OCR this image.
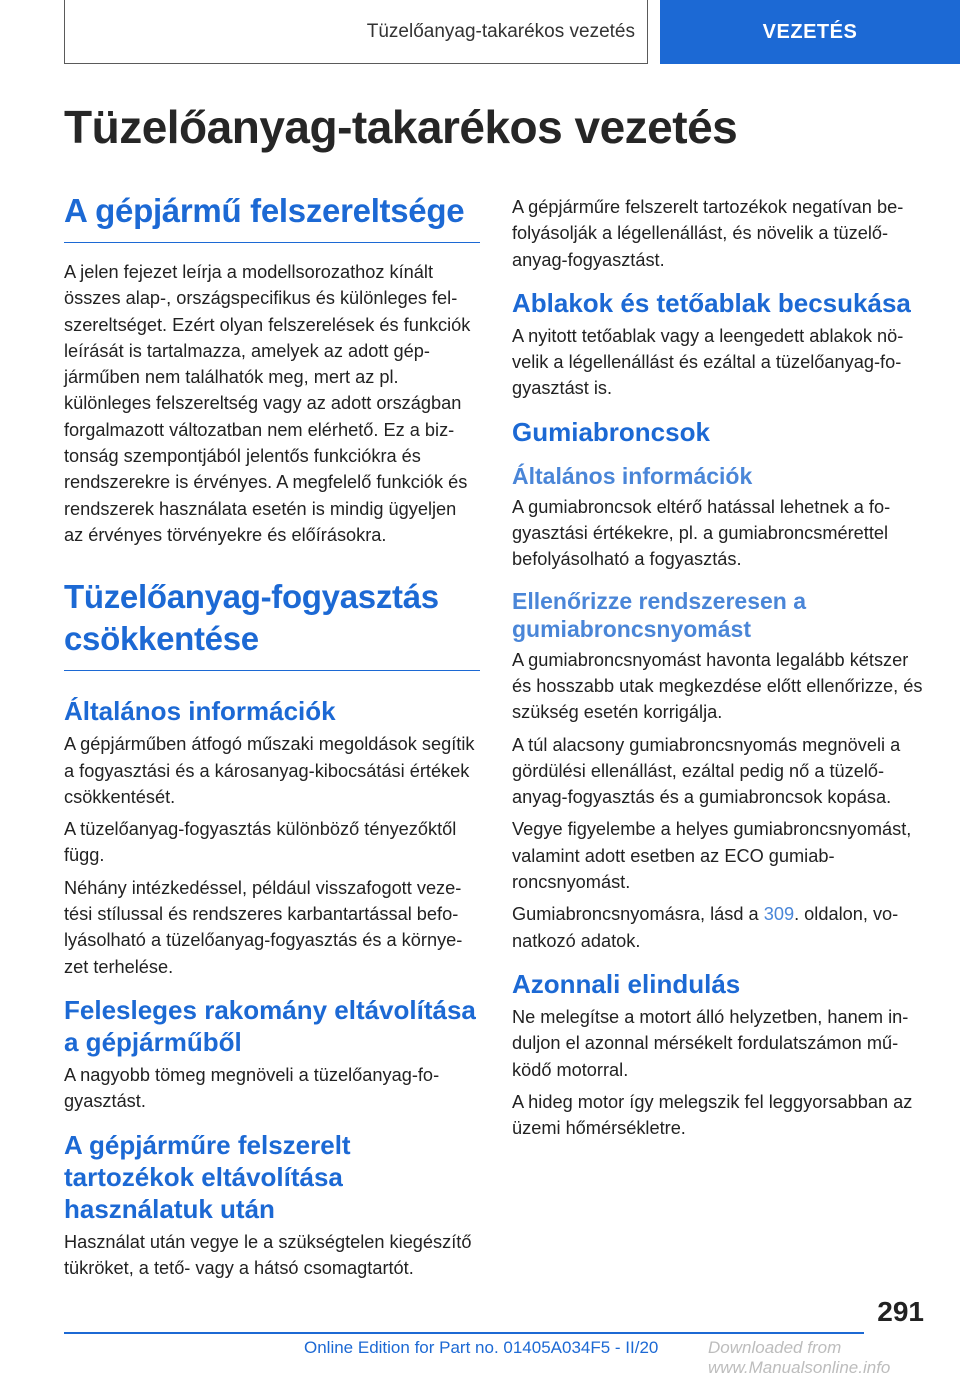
Tüzelőanyag-takarékos vezetés	VEZETÉS
Tüzelőanyag-takarékos vezetés
A gépjármű felszereltsége

A jelen fejezet leírja a modellsorozathoz kínált összes alap-, országspecifikus és különleges felszereltséget. Ezért olyan felszerelések és funkciók leírását is tartalmazza, amelyek az adott gépjárműben nem találhatók meg, mert az pl. különleges felszereltség vagy az adott országban forgalmazott változatban nem elérhető. Ez a biztonság szempontjából jelentős funkciókra és rendszerekre is érvényes. A megfelelő funkciók és rendszerek használata esetén is mindig ügyeljen az érvényes törvényekre és előírásokra.

Tüzelőanyag-fogyasztás csökkentése
Általános információk

A gépjárműben átfogó műszaki megoldások segítik a fogyasztási és a károsanyag-kibocsátási értékek csökkentését.

A tüzelőanyag-fogyasztás különböző tényezőktől függ.

Néhány intézkedéssel, például visszafogott vezetési stílussal és rendszeres karbantartással befolyásolható a tüzelőanyag-fogyasztás és a környezet terhelése.

Felesleges rakomány eltávolítása a gépjárműből

A nagyobb tömeg megnöveli a tüzelőanyag-fogyasztást.

A gépjárműre felszerelt tartozékok eltávolítása használatuk után

Használat után vegye le a szükségtelen kiegészítő tükröket, a tető- vagy a hátsó csomagtartót.

A gépjárműre felszerelt tartozékok negatívan befolyásolják a légellenállást, és növelik a tüzelőanyag-fogyasztást.

Ablakok és tetőablak becsukása

A nyitott tetőablak vagy a leengedett ablakok növelik a légellenállást és ezáltal a tüzelőanyag-fogyasztást is.

Gumiabroncsok
Általános információk

A gumiabroncsok eltérő hatással lehetnek a fogyasztási értékekre, pl. a gumiabroncsmérettel befolyásolható a fogyasztás.

Ellenőrizze rendszeresen a gumiabroncsnyomást

A gumiabroncsnyomást havonta legalább kétszer és hosszabb utak megkezdése előtt ellenőrizze, és szükség esetén korrigálja.

A túl alacsony gumiabroncsnyomás megnöveli a gördülési ellenállást, ezáltal pedig nő a tüzelőanyag-fogyasztás és a gumiabroncsok kopása.

Vegye figyelembe a helyes gumiabroncsnyomást, valamint adott esetben az ECO gumiabroncsnyomást.

Gumiabroncsnyomásra, lásd a 309. oldalon, vonatkozó adatok.

Azonnali elindulás

Ne melegítse a motort álló helyzetben, hanem induljon el azonnal mérsékelt fordulatszámon működő motorral.

A hideg motor így melegszik fel leggyorsabban az üzemi hőmérsékletre.

291
Online Edition for Part no. 01405A034F5 - II/20	Downloaded from www.Manualsonline.info
